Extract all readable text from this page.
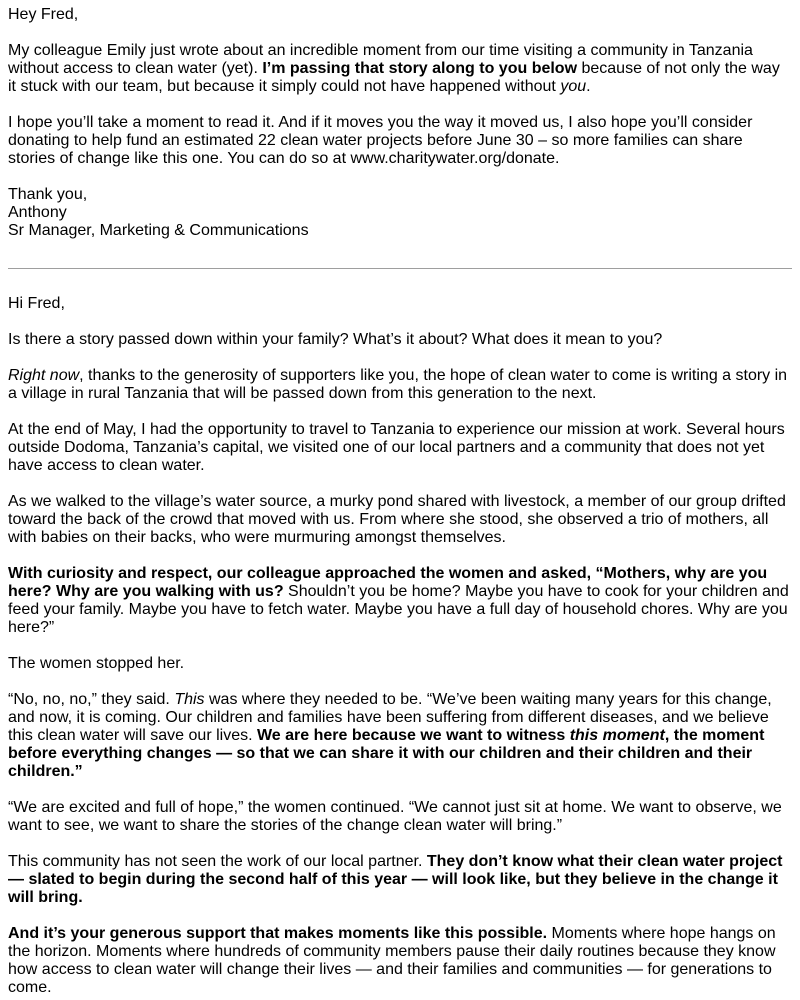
Hey Fred,

My colleague Emily just wrote about an incredible moment from our time visiting a community in Tanzania without access to clean water (yet). I’m passing that story along to you below because of not only the way it stuck with our team, but because it simply could not have happened without you.

I hope you’ll take a moment to read it. And if it moves you the way it moved us, I also hope you’ll consider donating to help fund an estimated 22 clean water projects before June 30 – so more families can share stories of change like this one. You can do so at www.charitywater.org/donate.

Thank you,

Anthony

Sr Manager, Marketing & Communications

Hi Fred,

Is there a story passed down within your family? What’s it about? What does it mean to you?

Right now, thanks to the generosity of supporters like you, the hope of clean water to come is writing a story in a village in rural Tanzania that will be passed down from this generation to the next.

At the end of May, I had the opportunity to travel to Tanzania to experience our mission at work. Several hours outside Dodoma, Tanzania’s capital, we visited one of our local partners and a community that does not yet have access to clean water.

As we walked to the village’s water source, a murky pond shared with livestock, a member of our group drifted toward the back of the crowd that moved with us. From where she stood, she observed a trio of mothers, all with babies on their backs, who were murmuring amongst themselves.

With curiosity and respect, our colleague approached the women and asked, “Mothers, why are you here? Why are you walking with us? Shouldn’t you be home? Maybe you have to cook for your children and feed your family. Maybe you have to fetch water. Maybe you have a full day of household chores. Why are you here?”

The women stopped her.

“No, no, no,” they said. This was where they needed to be. “We’ve been waiting many years for this change, and now, it is coming. Our children and families have been suffering from different diseases, and we believe this clean water will save our lives. We are here because we want to witness this moment, the moment before everything changes — so that we can share it with our children and their children and their children.”

“We are excited and full of hope,” the women continued. “We cannot just sit at home. We want to observe, we want to see, we want to share the stories of the change clean water will bring.”

This community has not seen the work of our local partner. They don’t know what their clean water project — slated to begin during the second half of this year — will look like, but they believe in the change it will bring.

And it’s your generous support that makes moments like this possible. Moments where hope hangs on the horizon. Moments where hundreds of community members pause their daily routines because they know how access to clean water will change their lives — and their families and communities — for generations to come.
